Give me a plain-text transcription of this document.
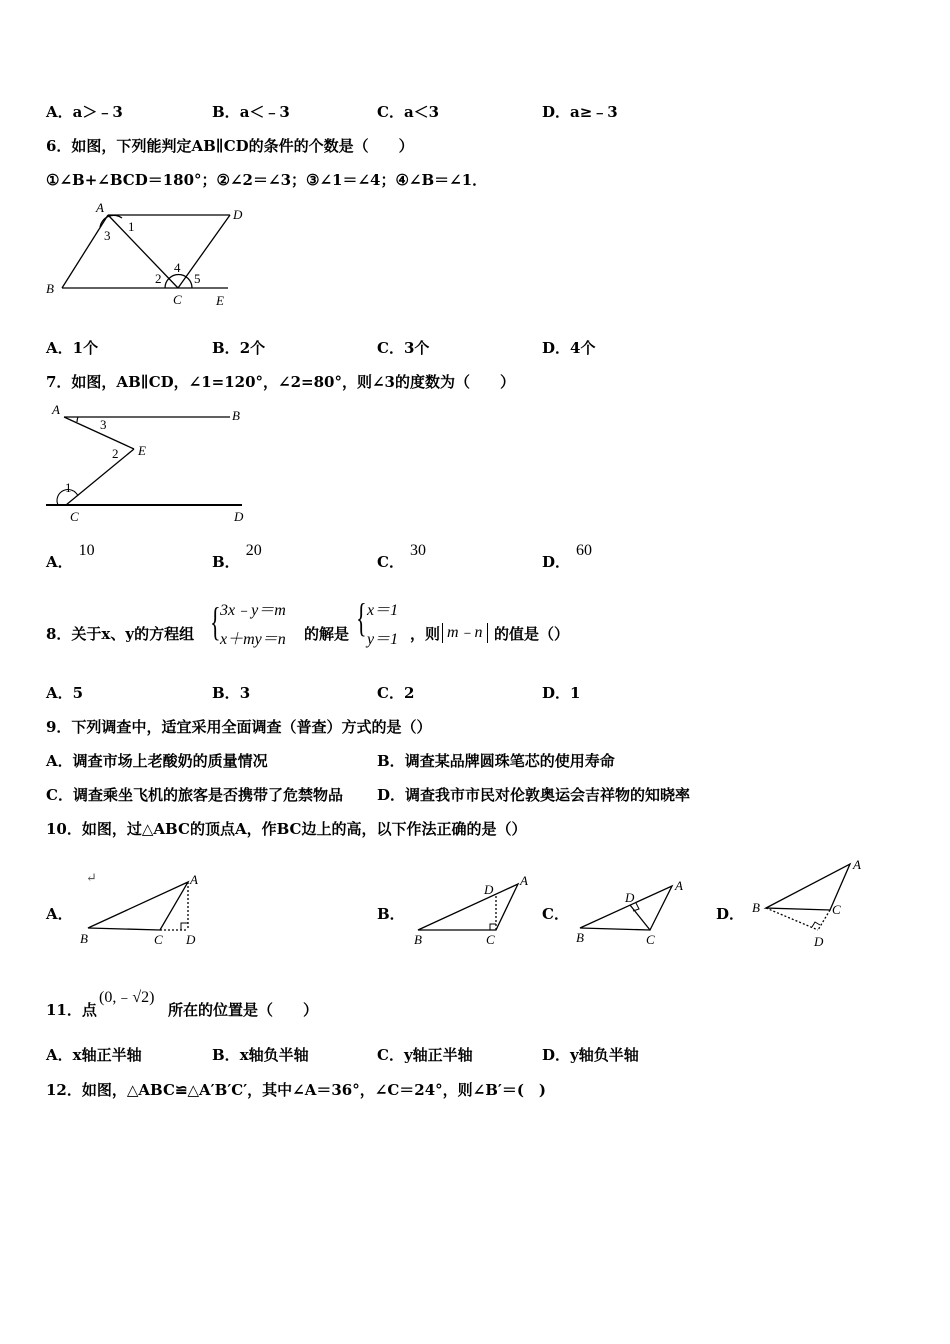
A．a＞﹣3	B．a＜﹣3	C．a＜3	D．a≥﹣3
6．如图，下列能判定AB∥CD的条件的个数是（　　）
①∠B+∠BCD＝180°；②∠2＝∠3；③∠1＝∠4；④∠B＝∠1．
A	D
B
C	E
1
3
2
4
5
A．1个	B．2个	C．3个	D．4个
7．如图，AB∥CD，∠1=120°，∠2=80°，则∠3的度数为（　　）
A	B
E
C	D
3
2
1
A．10
B．20
C．30
D．60
8．关于x、y的方程组 { 3x﹣y＝m
x＋my＝n 的解是 { x＝1
y＝1 ，则 m﹣n 的值是（）
A．5	B．3	C．2	D．1
9．下列调查中，适宜采用全面调查（普查）方式的是（）
A．调查市场上老酸奶的质量情况	B．调查某品牌圆珠笔芯的使用寿命
C．调查乘坐飞机的旅客是否携带了危禁物品 D．调查我市市民对伦敦奥运会吉祥物的知晓率
10．如图，过△ABC的顶点A，作BC边上的高，以下作法正确的是（）
A．	B．	C．	D．
↵	A
B	C D
A
B	C
D	A
B	C
D
A
B	C
D
11．点
(0,﹣√2)
所在的位置是（　　）
A．x轴正半轴	B．x轴负半轴	C．y轴正半轴	D．y轴负半轴
12．如图，△ABC≌△A′B′C′，其中∠A＝36°，∠C＝24°，则∠B′＝(　)
